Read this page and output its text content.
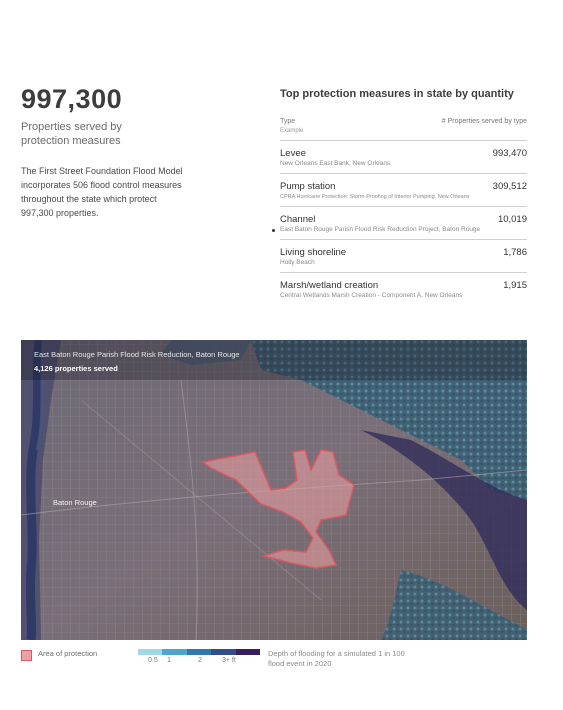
997,300
Properties served by protection measures
The First Street Foundation Flood Model incorporates 506 flood control measures throughout the state which protect 997,300 properties.
Top protection measures in state by quantity
Type
Example
# Properties served by type
Levee	993,470
New Orleans East Bank, New Orleans
Pump station	309,512
CPRA Hurricane Protection: Storm-Proofing of Interior Pumping, New Orleans
Channel	10,019
East Baton Rouge Parish Flood Risk Reduction Project, Baton Rouge
Living shoreline	1,786
Holly Beach
Marsh/wetland creation	1,915
Central Wetlands Marsh Creation - Component A, New Orleans
East Baton Rouge Parish Flood Risk Reduction, Baton Rouge
4,126 properties served
Baton Rouge
Area of protection
0.5 1	2	3+ ft
Depth of flooding for a simulated 1 in 100 flood event in 2020
